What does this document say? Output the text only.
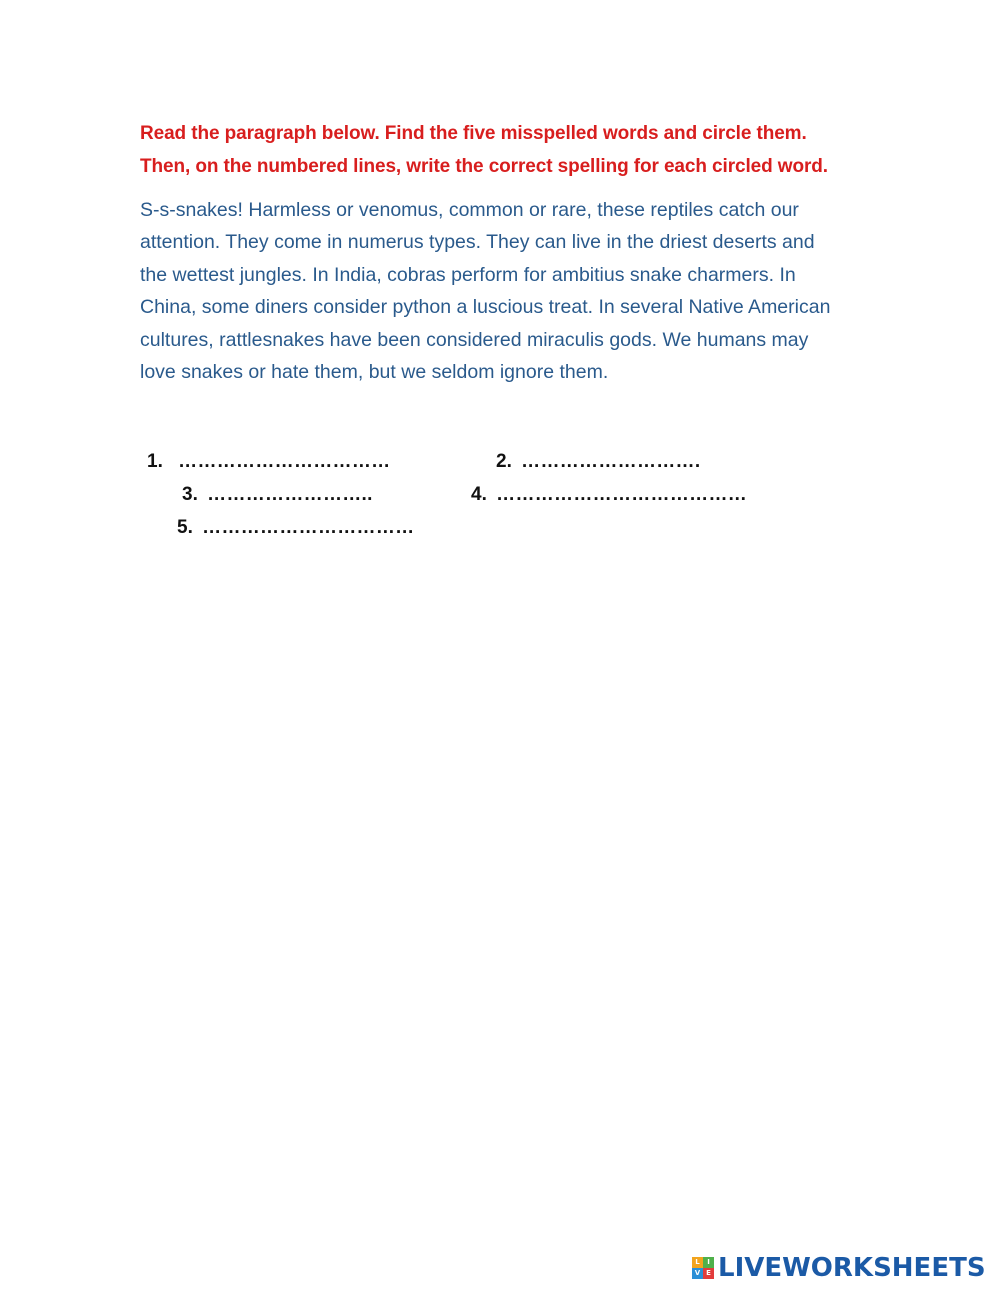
Read the paragraph below. Find the five misspelled words and circle them.
Then, on the numbered lines, write the correct spelling for each circled word.
S-s-snakes! Harmless or venomus, common or rare, these reptiles catch our
attention. They come in numerus types. They can live in the driest deserts and
the wettest jungles. In India, cobras perform for ambitius snake charmers. In
China, some diners consider python a luscious treat. In several Native American
cultures, rattlesnakes have been considered miraculis gods. We humans may
love snakes or hate them, but we seldom ignore them.
1. ……………………………	2. ……………………….
3. ……………………..	4. …………………………………
5. ……………………………
L	I
V E LIVEWORKSHEETS
